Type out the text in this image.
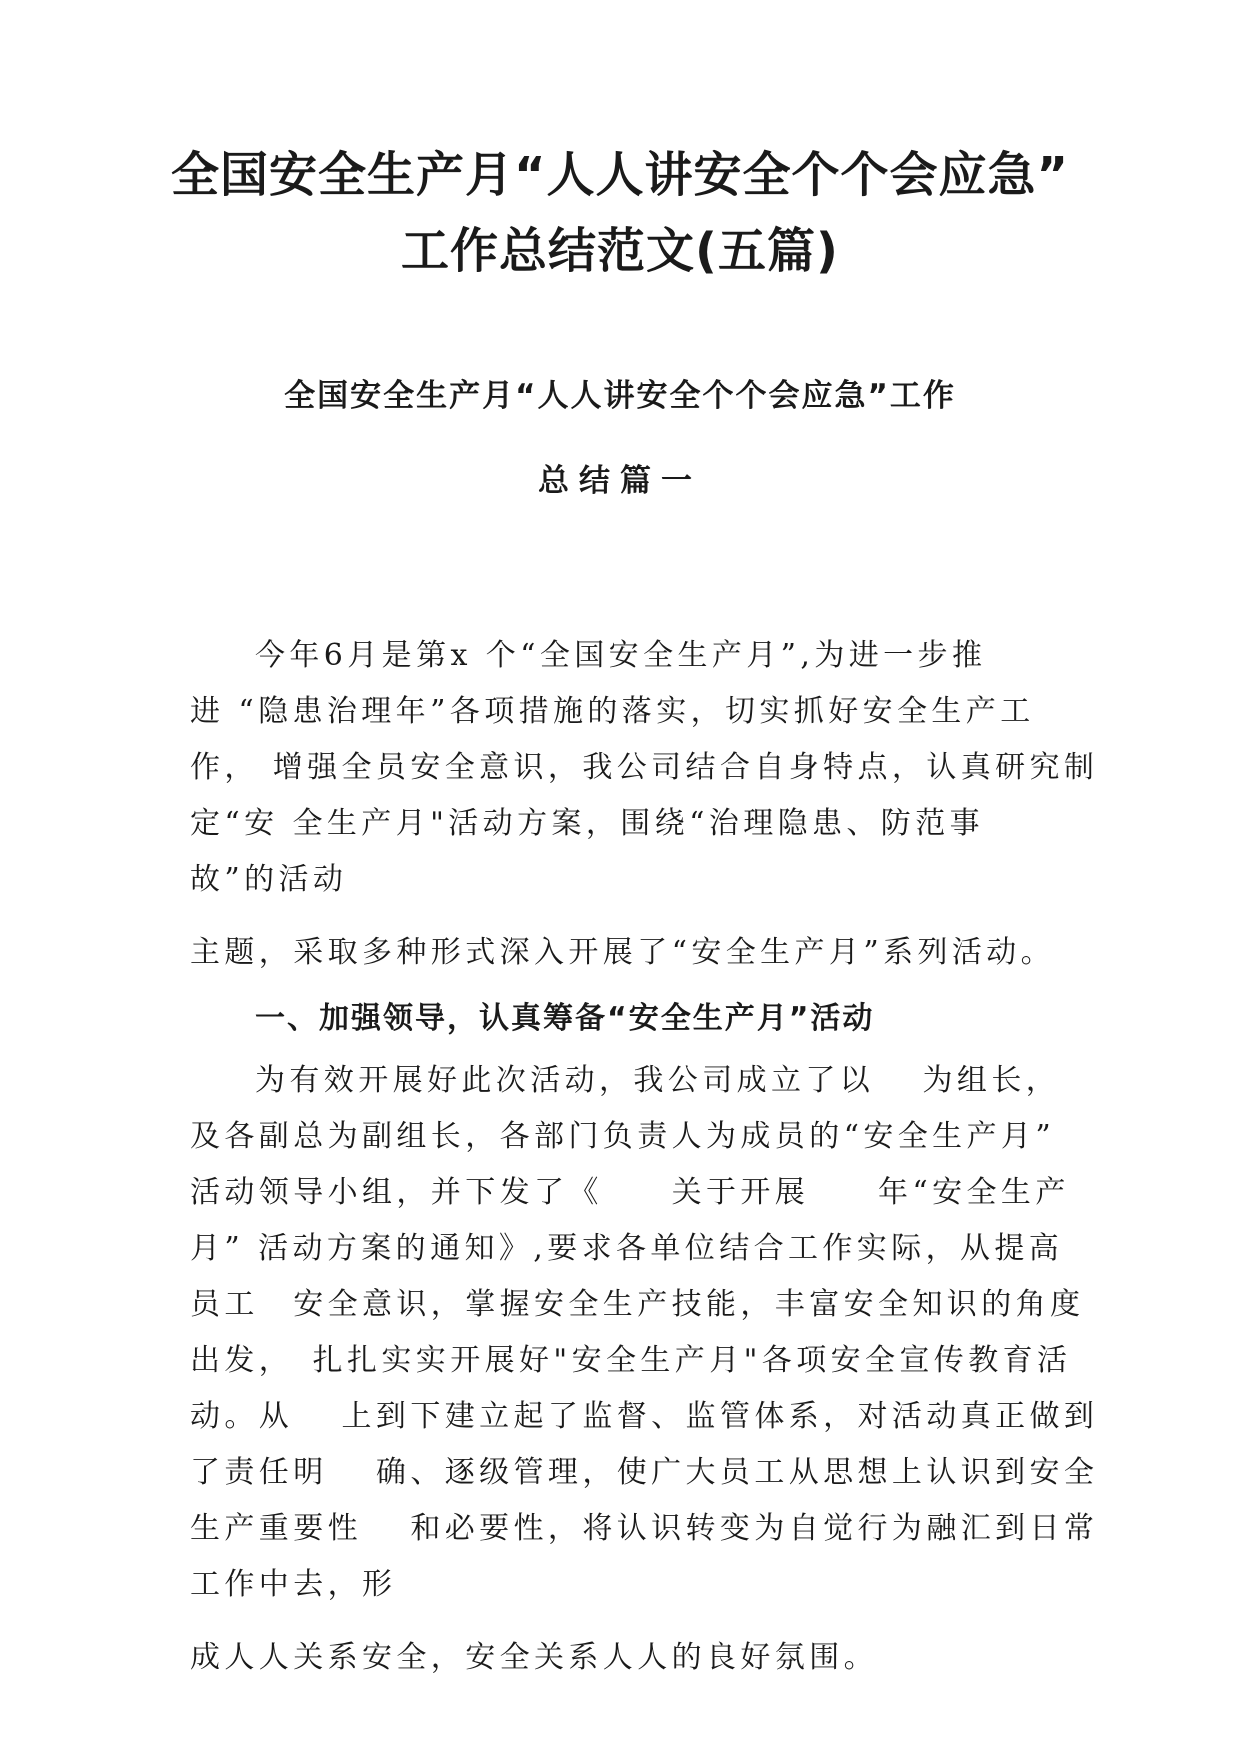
全国安全生产月“人人讲安全个个会应急”
工作总结范文(五篇)
全国安全生产月“人人讲安全个个会应急”工作
总结篇一
今年6月是第x 个“全国安全生产月”,为进一步推
进 “隐患治理年”各项措施的落实，切实抓好安全生产工
作， 增强全员安全意识，我公司结合自身特点，认真研究制
定“安 全生产月"活动方案，围绕“治理隐患、防范事
故”的活动
主题，采取多种形式深入开展了“安全生产月”系列活动。
一、加强领导，认真筹备“安全生产月”活动
为有效开展好此次活动，我公司成立了以　 为组长，
及各副总为副组长，各部门负责人为成员的“安全生产月”
活动领导小组，并下发了《　　关于开展　　年“安全生产
月” 活动方案的通知》,要求各单位结合工作实际，从提高
员工　安全意识，掌握安全生产技能，丰富安全知识的角度
出发，　扎扎实实开展好"安全生产月"各项安全宣传教育活
动。从　 上到下建立起了监督、监管体系，对活动真正做到
了责任明　 确、逐级管理，使广大员工从思想上认识到安全
生产重要性　 和必要性，将认识转变为自觉行为融汇到日常
工作中去，形
成人人关系安全，安全关系人人的良好氛围。
